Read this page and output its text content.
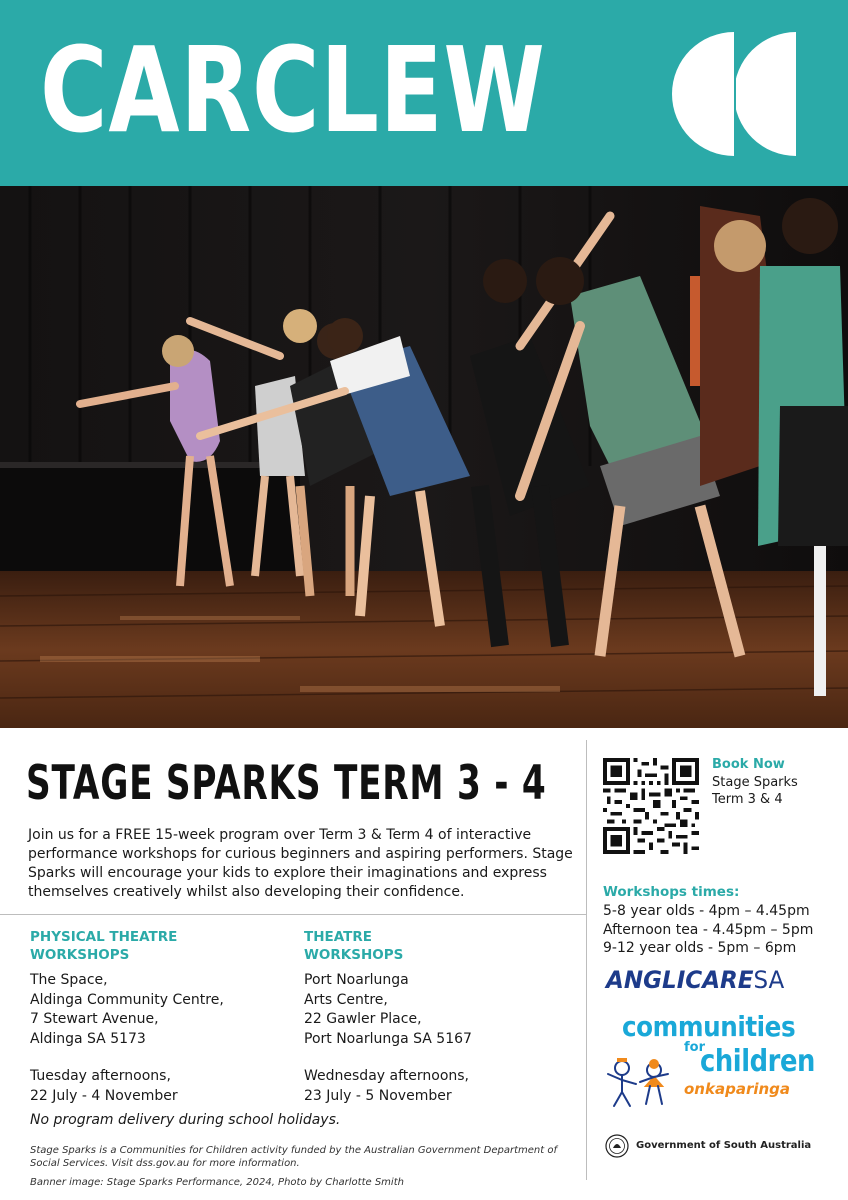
CARCLEW
STAGE SPARKS TERM 3 - 4

Join us for a FREE 15-week program over Term 3 & Term 4 of interactive performance workshops for curious beginners and aspiring performers. Stage Sparks will encourage your kids to explore their imaginations and express themselves creatively whilst also developing their confidence.

PHYSICAL THEATRE WORKSHOPS
The Space,
Aldinga Community Centre,
7 Stewart Avenue,
Aldinga SA 5173
Tuesday afternoons,
22 July - 4 November
THEATRE WORKSHOPS
Port Noarlunga
Arts Centre,
22 Gawler Place,
Port Noarlunga SA 5167
Wednesday afternoons,
23 July - 5 November

No program delivery during school holidays.

Stage Sparks is a Communities for Children activity funded by the Australian Government Department of Social Services. Visit dss.gov.au for more information.

Banner image: Stage Sparks Performance, 2024, Photo by Charlotte Smith

Book Now
Stage Sparks
Term 3 & 4
Workshops times:
5-8 year olds - 4pm – 4.45pm
Afternoon tea - 4.45pm – 5pm
9-12 year olds - 5pm – 6pm
ANGLICARESA
communities
for
children
onkaparinga
Government of South Australia
